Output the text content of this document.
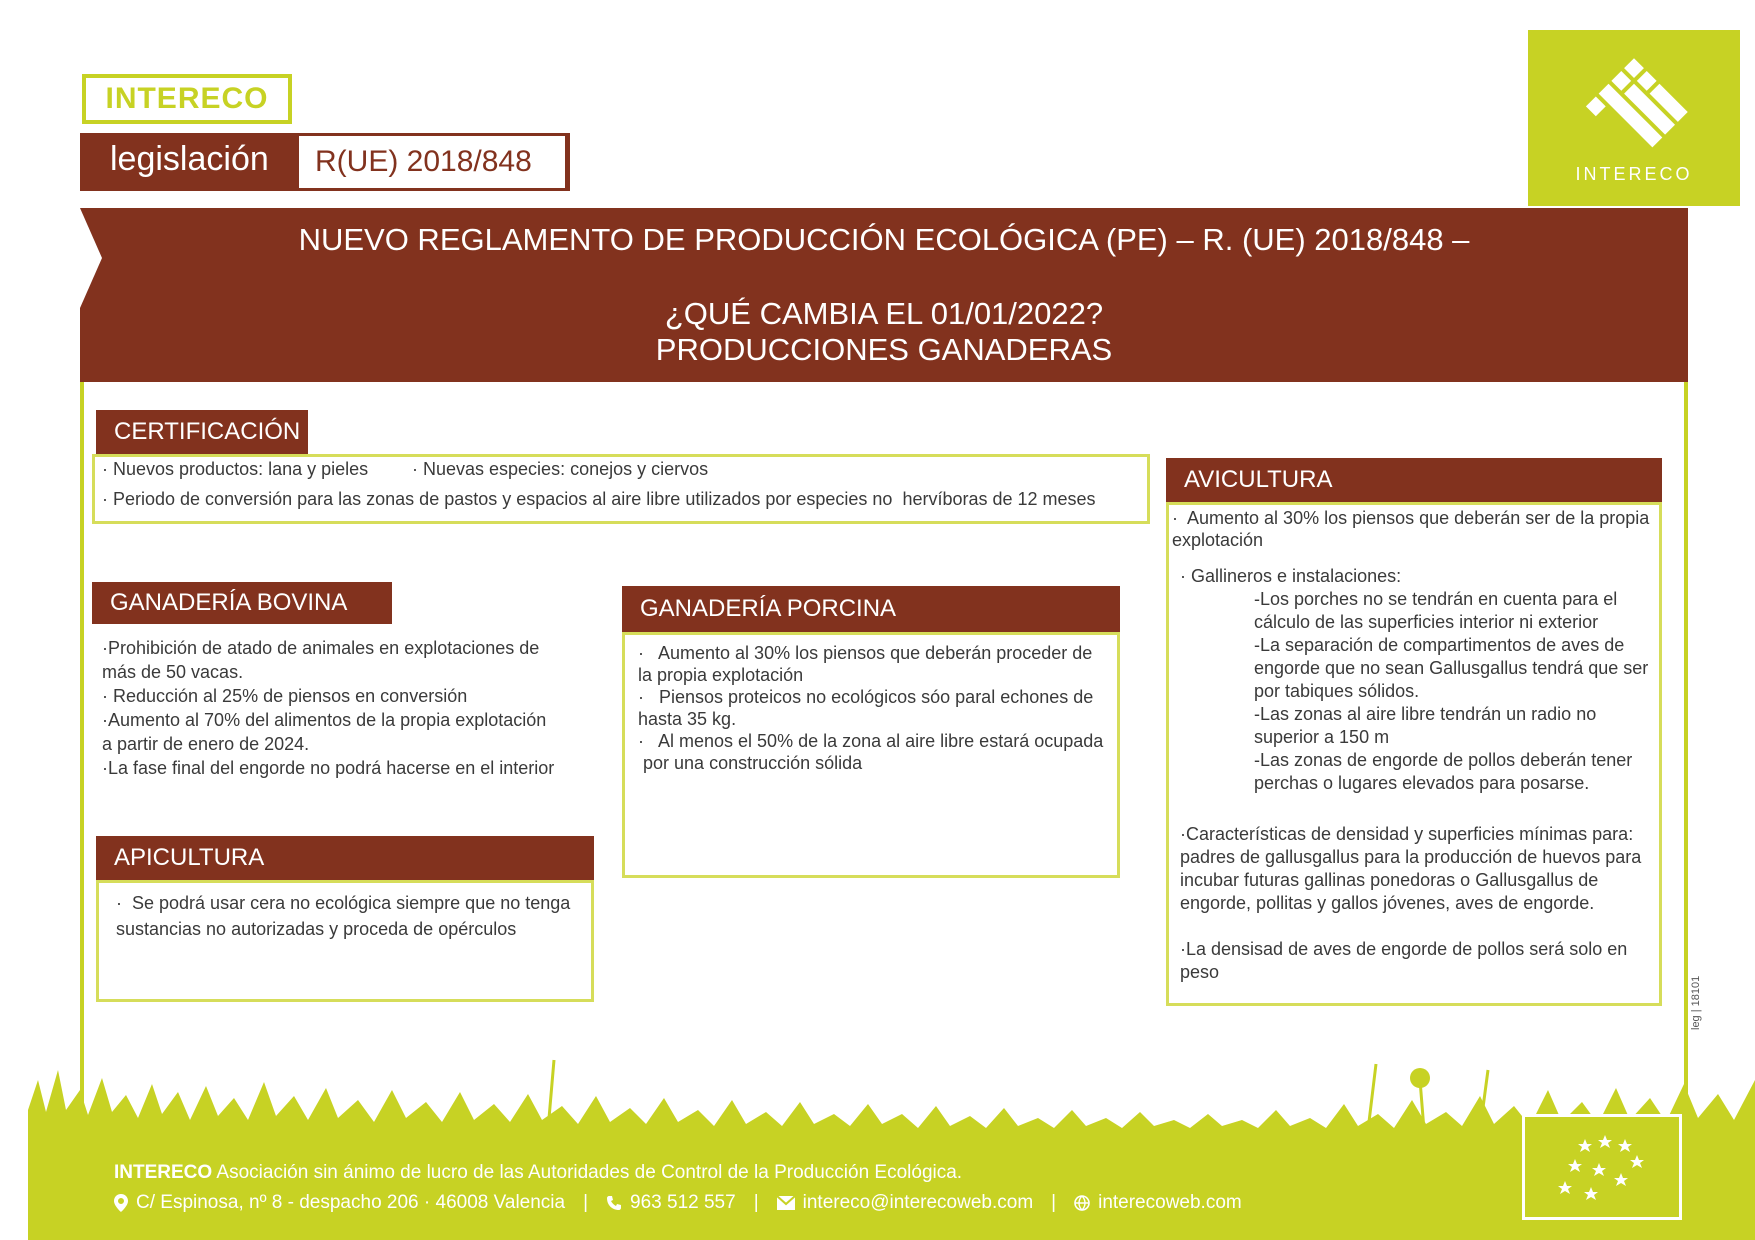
INTERECO
legislación	R(UE) 2018/848	INTERECO
NUEVO REGLAMENTO DE PRODUCCIÓN ECOLÓGICA (PE) – R. (UE) 2018/848 –
¿QUÉ CAMBIA EL 01/01/2022?
PRODUCCIONES GANADERAS
CERTIFICACIÓN
· Nuevos productos: lana y pieles · Nuevas especies: conejos y ciervos
· Periodo de conversión para las zonas de pastos y espacios al aire libre utilizados por especies no  hervíboras de 12 meses
GANADERÍA BOVINA
·Prohibición de atado de animales en explotaciones de
más de 50 vacas.
· Reducción al 25% de piensos en conversión
·Aumento al 70% del alimentos de la propia explotación
a partir de enero de 2024.
·La fase final del engorde no podrá hacerse en el interior
GANADERÍA PORCINA
·   Aumento al 30% los piensos que deberán proceder de
la propia explotación
·   Piensos proteicos no ecológicos sóo paral echones de
hasta 35 kg.
·   Al menos el 50% de la zona al aire libre estará ocupada
por una construcción sólida
APICULTURA
·  Se podrá usar cera no ecológica siempre que no tenga
sustancias no autorizadas y proceda de opérculos
AVICULTURA
·  Aumento al 30% los piensos que deberán ser de la propia
explotación
· Gallineros e instalaciones:
-Los porches no se tendrán en cuenta para el
cálculo de las superficies interior ni exterior
-La separación de compartimentos de aves de
engorde que no sean Gallusgallus tendrá que ser
por tabiques sólidos.
-Las zonas al aire libre tendrán un radio no
superior a 150 m
-Las zonas de engorde de pollos deberán tener
perchas o lugares elevados para posarse.
·Características de densidad y superficies mínimas para:
padres de gallusgallus para la producción de huevos para
incubar futuras gallinas ponedoras o Gallusgallus de
engorde, pollitas y gallos jóvenes, aves de engorde.
·La densisad de aves de engorde de pollos será solo en
peso
leg | 18101
INTERECO Asociación sin ánimo de lucro de las Autoridades de Control de la Producción Ecológica.
C/ Espinosa, nº 8 - despacho 206 · 46008 Valencia | 963 512 557 | intereco@interecoweb.com | interecoweb.com
